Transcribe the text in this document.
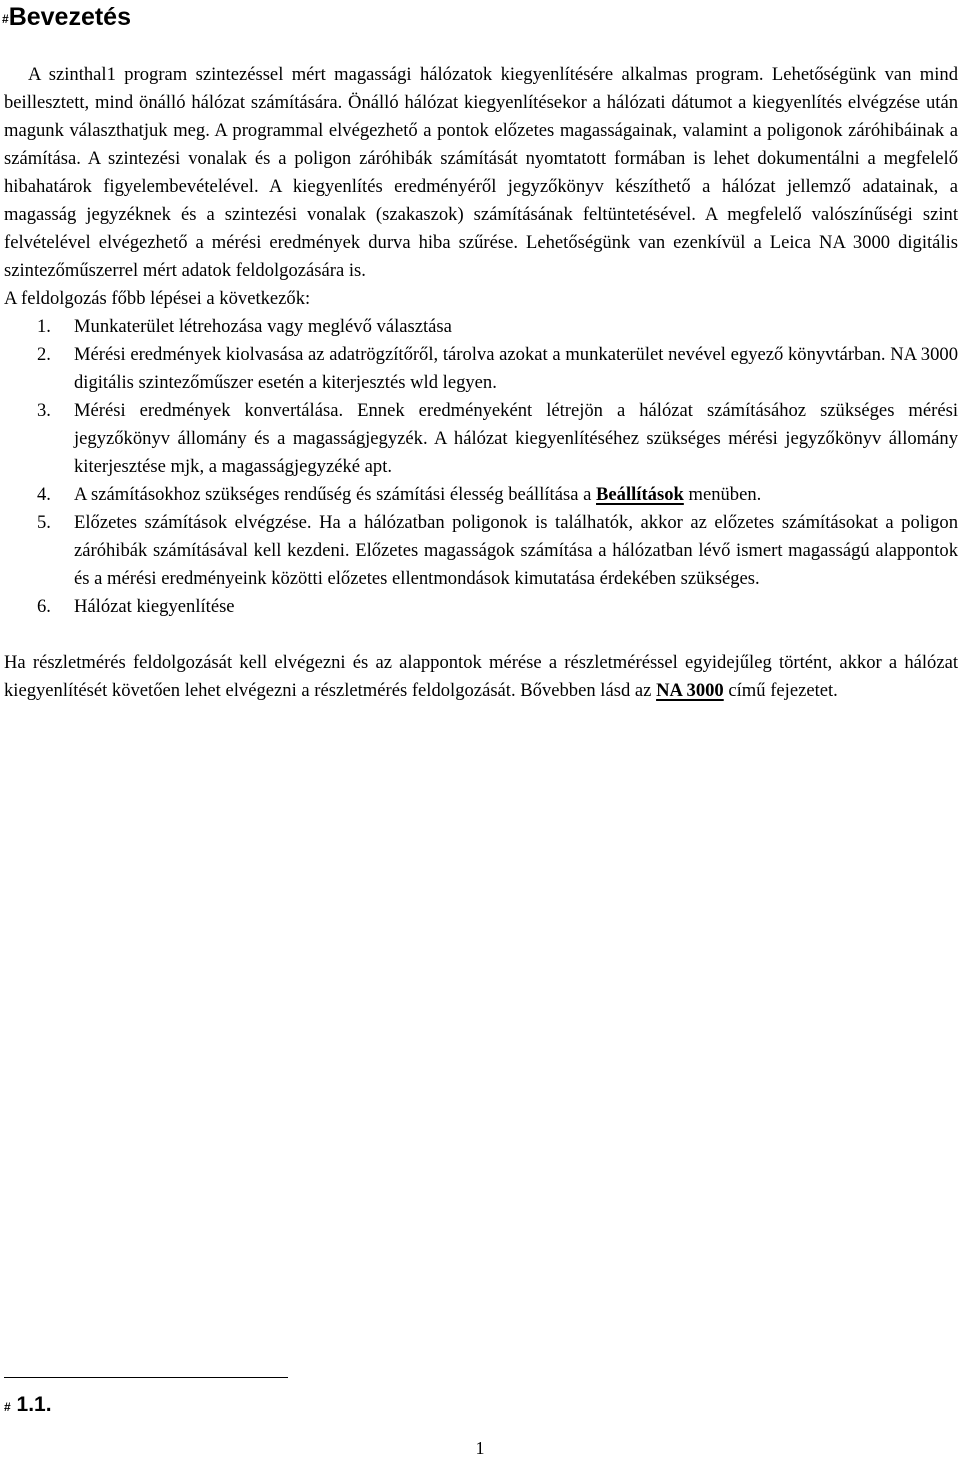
#Bevezetés

A szinthal1 program szintezéssel mért magassági hálózatok kiegyenlítésére alkalmas program. Lehetőségünk van mind beillesztett, mind önálló hálózat számítására. Önálló hálózat kiegyenlítésekor a hálózati dátumot a kiegyenlítés elvégzése után magunk választhatjuk meg. A programmal elvégezhető a pontok előzetes magasságainak, valamint a poligonok záróhibáinak a számítása. A szintezési vonalak és a poligon záróhibák számítását nyomtatott formában is lehet dokumentálni a megfelelő hibahatárok figyelembevételével. A kiegyenlítés eredményéről jegyzőkönyv készíthető a hálózat jellemző adatainak, a magasság jegyzéknek és a szintezési vonalak (szakaszok) számításának feltüntetésével. A megfelelő valószínűségi szint felvételével elvégezhető a mérési eredmények durva hiba szűrése. Lehetőségünk van ezenkívül a Leica NA 3000 digitális szintezőműszerrel mért adatok feldolgozására is.

A feldolgozás főbb lépései a következők:

1. Munkaterület létrehozása vagy meglévő választása
2. Mérési eredmények kiolvasása az adatrögzítőről, tárolva azokat a munkaterület nevével egyező könyvtárban. NA 3000 digitális szintezőműszer esetén a kiterjesztés wld legyen.
3. Mérési eredmények konvertálása. Ennek eredményeként létrejön a hálózat számításához szükséges mérési jegyzőkönyv állomány és a magasságjegyzék. A hálózat kiegyenlítéséhez szükséges mérési jegyzőkönyv állomány kiterjesztése mjk, a magasságjegyzéké apt.
4. A számításokhoz szükséges rendűség és számítási élesség beállítása a Beállítások menüben.
5. Előzetes számítások elvégzése. Ha a hálózatban poligonok is találhatók, akkor az előzetes számításokat a poligon záróhibák számításával kell kezdeni. Előzetes magasságok számítása a hálózatban lévő ismert magasságú alappontok és a mérési eredményeink közötti előzetes ellentmondások kimutatása érdekében szükséges.
6. Hálózat kiegyenlítése

Ha részletmérés feldolgozását kell elvégezni és az alappontok mérése a részletméréssel egyidejűleg történt, akkor a hálózat kiegyenlítését követően lehet elvégezni a részletmérés feldolgozását. Bővebben lásd az NA 3000 című fejezetet.

# 1.1.
1
